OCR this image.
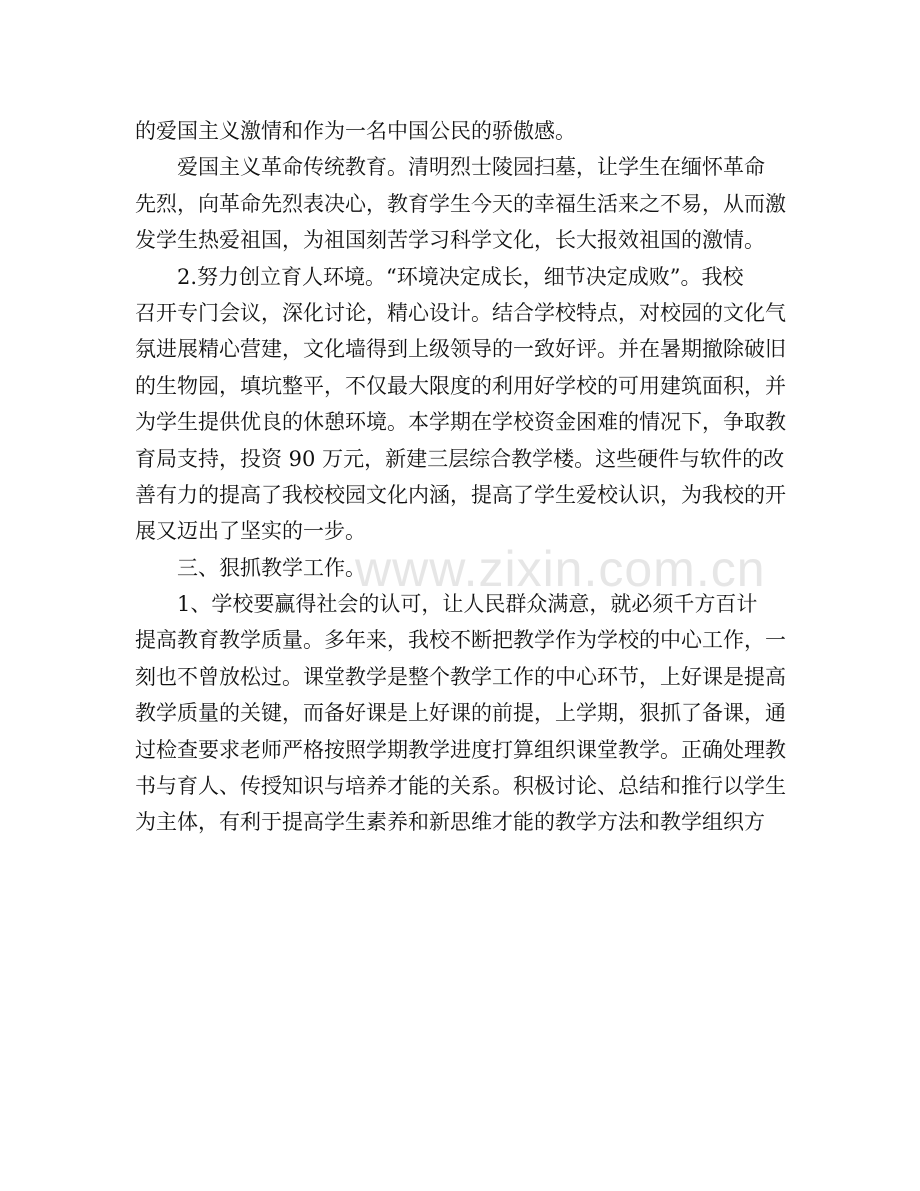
的爱国主义激情和作为一名中国公民的骄傲感。
爱国主义革命传统教育。清明烈士陵园扫墓，让学生在缅怀革命
先烈，向革命先烈表决心，教育学生今天的幸福生活来之不易，从而激
发学生热爱祖国，为祖国刻苦学习科学文化，长大报效祖国的激情。
2.努力创立育人环境。“环境决定成长，细节决定成败”。我校
召开专门会议，深化讨论，精心设计。结合学校特点，对校园的文化气
氛进展精心营建，文化墙得到上级领导的一致好评。并在暑期撤除破旧
的生物园，填坑整平，不仅最大限度的利用好学校的可用建筑面积，并
为学生提供优良的休憩环境。本学期在学校资金困难的情况下，争取教
育局支持，投资 90 万元，新建三层综合教学楼。这些硬件与软件的改
善有力的提高了我校校园文化内涵，提高了学生爱校认识，为我校的开
展又迈出了坚实的一步。
三、狠抓教学工作。
1、学校要赢得社会的认可，让人民群众满意，就必须千方百计
提高教育教学质量。多年来，我校不断把教学作为学校的中心工作，一
刻也不曾放松过。课堂教学是整个教学工作的中心环节，上好课是提高
教学质量的关键，而备好课是上好课的前提，上学期，狠抓了备课，通
过检查要求老师严格按照学期教学进度打算组织课堂教学。正确处理教
书与育人、传授知识与培养才能的关系。积极讨论、总结和推行以学生
为主体，有利于提高学生素养和新思维才能的教学方法和教学组织方
www.zixin.com.cn
